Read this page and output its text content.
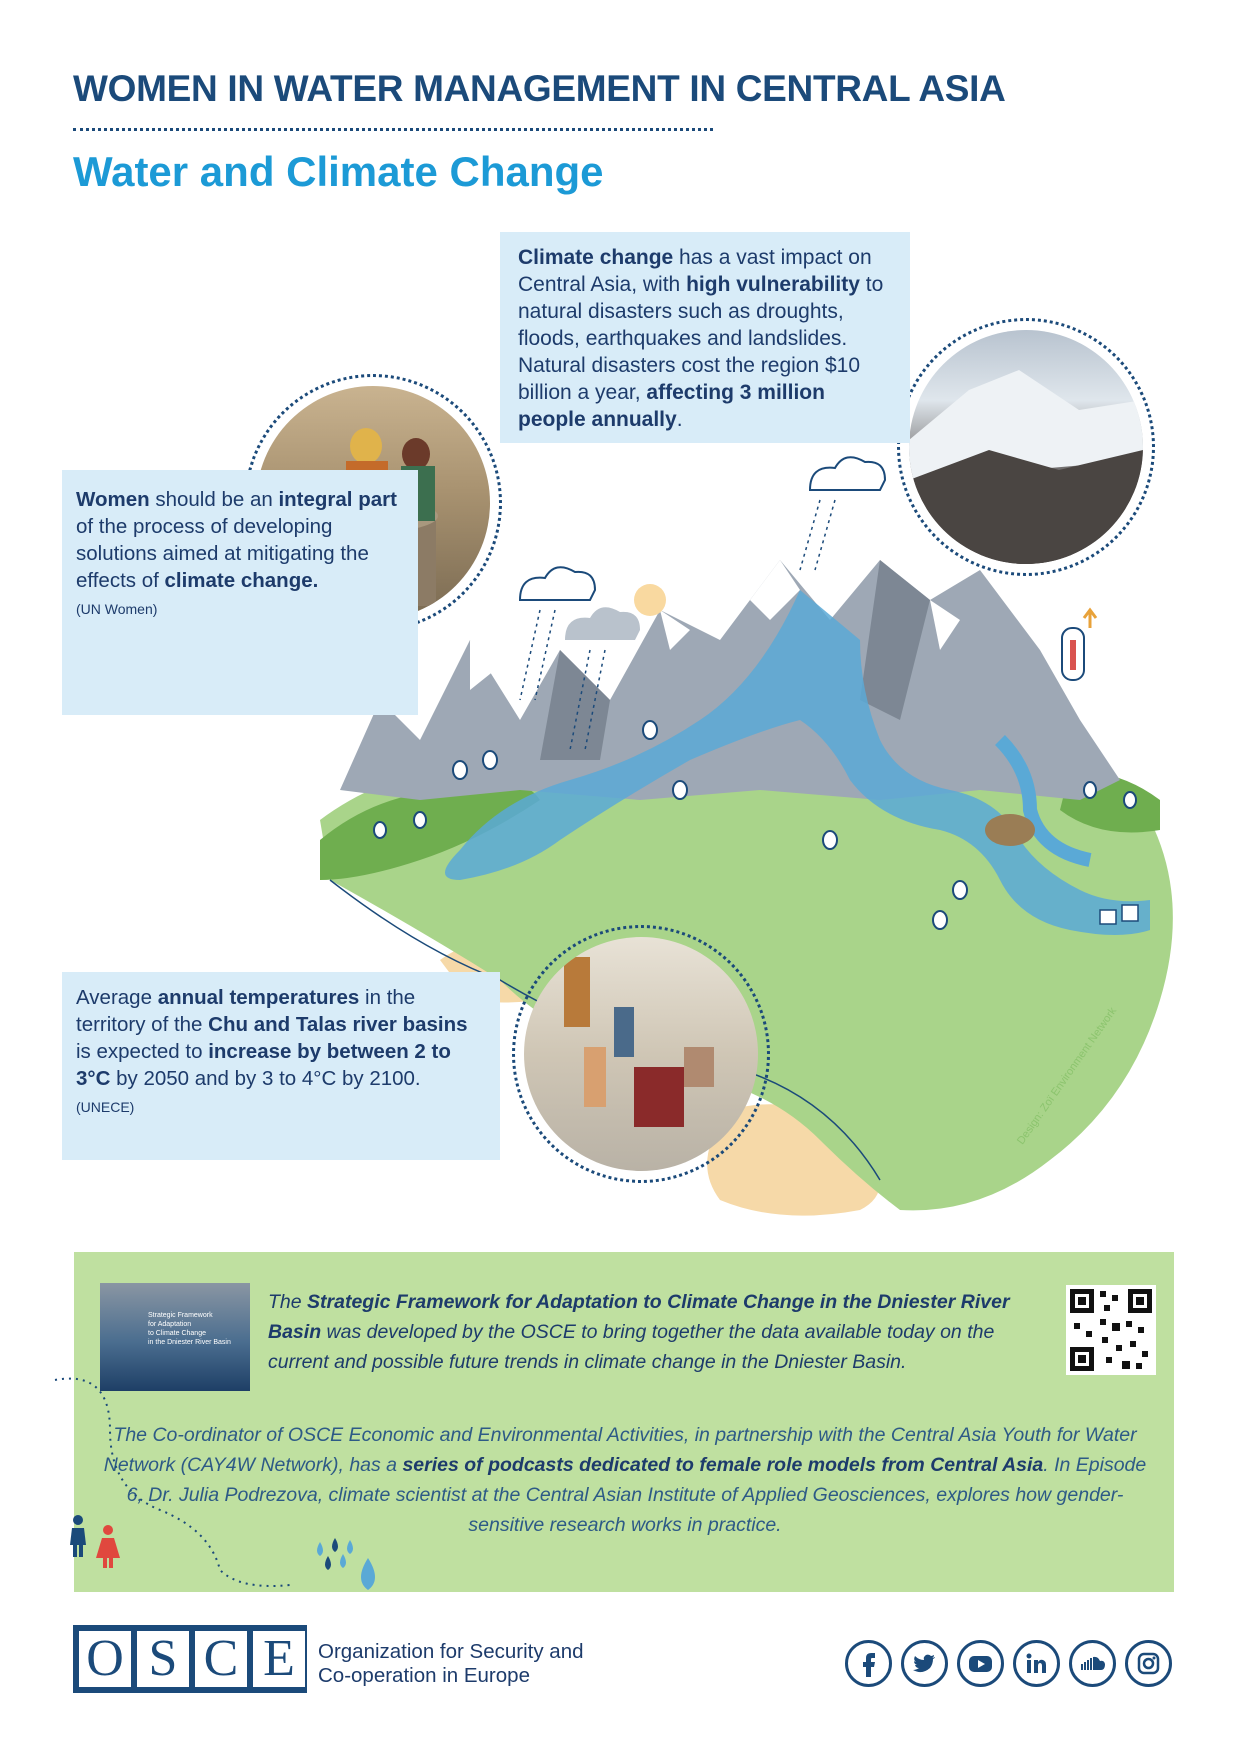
WOMEN IN WATER MANAGEMENT IN CENTRAL ASIA
Water and Climate Change
Design: Zoï Environment Network
Climate change has a vast impact on Central Asia, with high vulnerability to natural disasters such as droughts, floods, earthquakes and landslides. Natural disasters cost the region $10 billion a year, affecting 3 million people annually.
Women should be an integral part of the process of developing solutions aimed at mitigating the effects of climate change.
(UN Women)
Average annual temperatures in the territory of the Chu and Talas river basins is expected to increase by between 2 to 3°C by 2050 and by 3 to 4°C by 2100.
(UNECE)
Strategic Framework
for Adaptation
to Climate Change
in the Dniester River Basin
The Strategic Framework for Adaptation to Climate Change in the Dniester River Basin was developed by the OSCE to bring together the data available today on the current and possible future trends in climate change in the Dniester Basin.
The Co-ordinator of OSCE Economic and Environmental Activities, in partnership with the Central Asia Youth for Water Network (CAY4W Network), has a series of podcasts dedicated to female role models from Central Asia. In Episode 6, Dr. Julia Podrezova, climate scientist at the Central Asian Institute of Applied Geosciences, explores how gender-sensitive research works in practice.
O S C E	Organization for Security and
Co-operation in Europe
